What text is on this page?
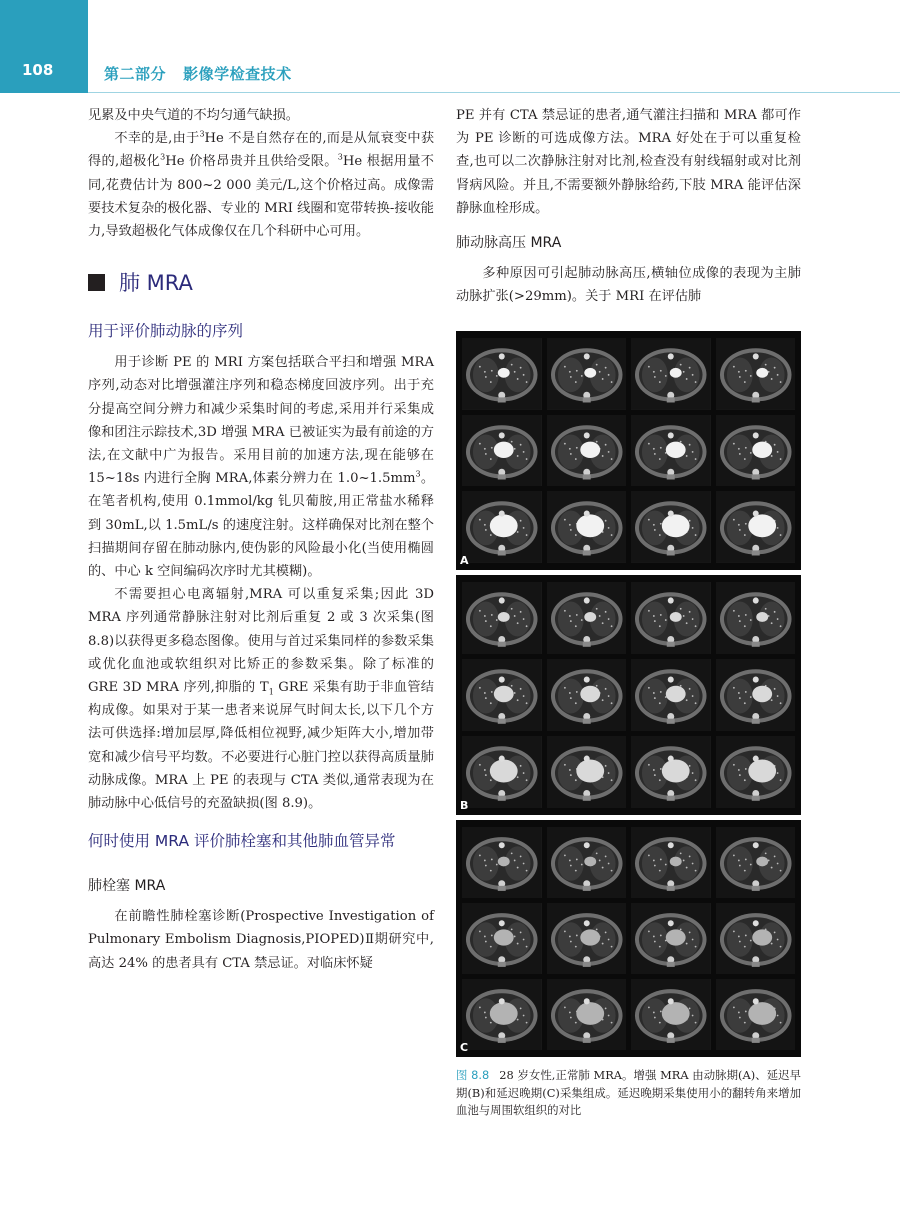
108	第二部分   影像学检查技术

见累及中央气道的不均匀通气缺损。

不幸的是,由于$^3$He 不是自然存在的,而是从氚衰变中获得的,超极化$^3$He 价格昂贵并且供给受限。$^3$He 根据用量不同,花费估计为 800~2 000 美元/L,这个价格过高。成像需要技术复杂的极化器、专业的 MRI 线圈和宽带转换-接收能力,导致超极化气体成像仅在几个科研中心可用。

肺 MRA
用于评价肺动脉的序列

用于诊断 PE 的 MRI 方案包括联合平扫和增强 MRA 序列,动态对比增强灌注序列和稳态梯度回波序列。出于充分提高空间分辨力和减少采集时间的考虑,采用并行采集成像和团注示踪技术,3D 增强 MRA 已被证实为最有前途的方法,在文献中广为报告。采用目前的加速方法,现在能够在 15~18s 内进行全胸 MRA,体素分辨力在 $1.0\sim 1.5mm^3$。在笔者机构,使用 0.1mmol/kg 钆贝葡胺,用正常盐水稀释到 30mL,以 1.5mL/s 的速度注射。这样确保对比剂在整个扫描期间存留在肺动脉内,使伪影的风险最小化(当使用椭圆的、中心 k 空间编码次序时尤其模糊)。

不需要担心电离辐射,MRA 可以重复采集;因此 3D MRA 序列通常静脉注射对比剂后重复 2 或 3 次采集(图 8.8)以获得更多稳态图像。使用与首过采集同样的参数采集或优化血池或软组织对比矫正的参数采集。除了标准的 GRE 3D MRA 序列,抑脂的 $T_1$ GRE 采集有助于非血管结构成像。如果对于某一患者来说屏气时间太长,以下几个方法可供选择:增加层厚,降低相位视野,减少矩阵大小,增加带宽和减少信号平均数。不必要进行心脏门控以获得高质量肺动脉成像。MRA 上 PE 的表现与 CTA 类似,通常表现为在肺动脉中心低信号的充盈缺损(图 8.9)。

何时使用 MRA 评价肺栓塞和其他肺血管异常
肺栓塞 MRA

在前瞻性肺栓塞诊断(Prospective Investigation of Pulmonary Embolism Diagnosis,PIOPED)Ⅱ期研究中,高达 24% 的患者具有 CTA 禁忌证。对临床怀疑

PE 并有 CTA 禁忌证的患者,通气灌注扫描和 MRA 都可作为 PE 诊断的可选成像方法。MRA 好处在于可以重复检查,也可以二次静脉注射对比剂,检查没有射线辐射或对比剂肾病风险。并且,不需要额外静脉给药,下肢 MRA 能评估深静脉血栓形成。

肺动脉高压 MRA

多种原因可引起肺动脉高压,横轴位成像的表现为主肺动脉扩张(>29mm)。关于 MRI 在评估肺

A
B
C
图 8.8 28 岁女性,正常肺 MRA。增强 MRA 由动脉期(A)、延迟早期(B)和延迟晚期(C)采集组成。延迟晚期采集使用小的翻转角来增加血池与周围软组织的对比
